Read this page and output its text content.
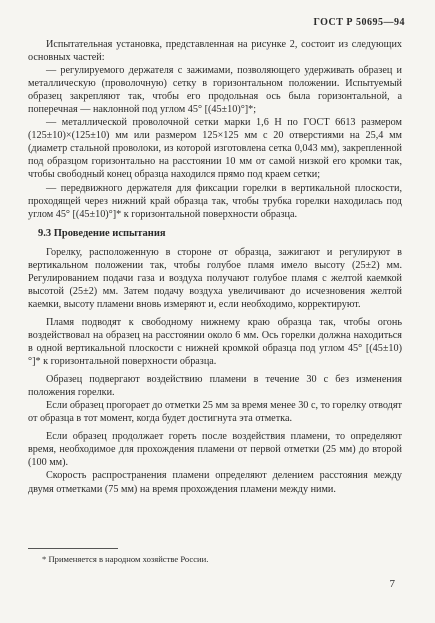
ГОСТ Р 50695—94

Испытательная установка, представленная на рисунке 2, состоит из следующих основных частей:

— регулируемого держателя с зажимами, позволяющего удерживать образец и металлическую (проволочную) сетку в горизонтальном положении. Испытуемый образец закрепляют так, чтобы его продольная ось была горизонтальной, а поперечная — наклонной под углом 45° [(45±10)°]*;

— металлической проволочной сетки марки 1,6 Н по ГОСТ 6613 размером (125±10)×(125±10) мм или размером 125×125 мм с 20 отверстиями на 25,4 мм (диаметр стальной проволоки, из которой изготовлена сетка 0,043 мм), закрепленной под образцом горизонтально на расстоянии 10 мм от самой низкой его кромки так, чтобы свободный конец образца находился прямо под краем сетки;

— передвижного держателя для фиксации горелки в вертикальной плоскости, проходящей через нижний край образца так, чтобы трубка горелки находилась под углом 45° [(45±10)°]* к горизонтальной поверхности образца.

9.3 Проведение испытания

Горелку, расположенную в стороне от образца, зажигают и регулируют в вертикальном положении так, чтобы голубое пламя имело высоту (25±2) мм. Регулированием подачи газа и воздуха получают голубое пламя с желтой каемкой высотой (25±2) мм. Затем подачу воздуха увеличивают до исчезновения желтой каемки, высоту пламени вновь измеряют и, если необходимо, корректируют.

Пламя подводят к свободному нижнему краю образца так, чтобы огонь воздействовал на образец на расстоянии около 6 мм. Ось горелки должна находиться в одной вертикальной плоскости с нижней кромкой образца под углом 45° [(45±10)°]* к горизонтальной поверхности образца.

Образец подвергают воздействию пламени в течение 30 с без изменения положения горелки.

Если образец прогорает до отметки 25 мм за время менее 30 с, то горелку отводят от образца в тот момент, когда будет достигнута эта отметка.

Если образец продолжает гореть после воздействия пламени, то определяют время, необходимое для прохождения пламени от первой отметки (25 мм) до второй (100 мм).

Скорость распространения пламени определяют делением расстояния между двумя отметками (75 мм) на время прохождения пламени между ними.

* Применяется в народном хозяйстве России.
7
